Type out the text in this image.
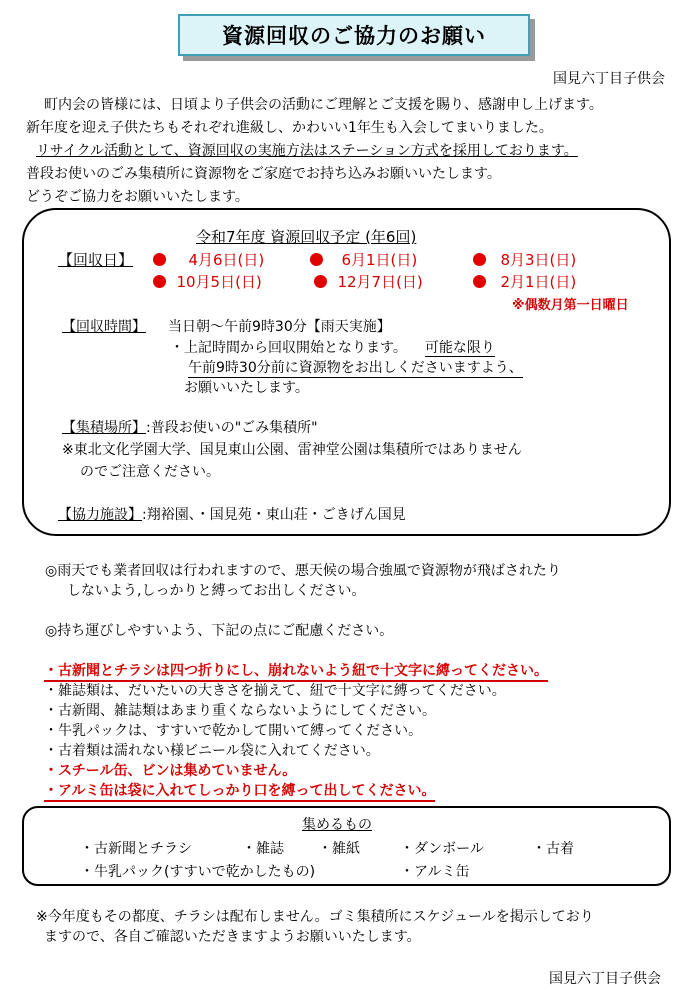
資源回収のご協力のお願い
国見六丁目子供会
町内会の皆様には、日頃より子供会の活動にご理解とご支援を賜り、感謝申し上げます。
新年度を迎え子供たちもそれぞれ進級し、かわいい1年生も入会してまいりました。
リサイクル活動として、資源回収の実施方法はステーション方式を採用しております。
普段お使いのごみ集積所に資源物をご家庭でお持ち込みお願いいたします。
どうぞご協力をお願いいたします。
令和7年度 資源回収予定 (年6回)
【回収日】	4月6日(日)	6月1日(日)	8月3日(日)
10月5日(日)	12月7日(日)	2月1日(日)
※偶数月第一日曜日
【回収時間】 当日朝～午前9時30分【雨天実施】
・上記時間から回収開始となります。 可能な限り
午前9時30分前に資源物をお出しくださいますよう、
お願いいたします。
【集積場所】:普段お使いの"ごみ集積所"
※東北文化学園大学、国見東山公園、雷神堂公園は集積所ではありません
のでご注意ください。
【協力施設】:翔裕園、・国見苑・東山荘・ごきげん国見
◎雨天でも業者回収は行われますので、悪天候の場合強風で資源物が飛ばされたり
しないよう,しっかりと縛ってお出しください。
◎持ち運びしやすいよう、下記の点にご配慮ください。
・古新聞とチラシは四つ折りにし、崩れないよう紐で十文字に縛ってください。
・雑誌類は、だいたいの大きさを揃えて、紐で十文字に縛ってください。
・古新聞、雑誌類はあまり重くならないようにしてください。
・牛乳パックは、すすいで乾かして開いて縛ってください。
・古着類は濡れない様ビニール袋に入れてください。
・スチール缶、ビンは集めていません。
・アルミ缶は袋に入れてしっかり口を縛って出してください。
集めるもの
・古新聞とチラシ	・雑誌 ・雑紙	・ダンボール	・古着
・牛乳パック(すすいで乾かしたもの)	・アルミ缶
※今年度もその都度、チラシは配布しません。ゴミ集積所にスケジュールを掲示しており
ますので、各自ご確認いただきますようお願いいたします。
国見六丁目子供会
